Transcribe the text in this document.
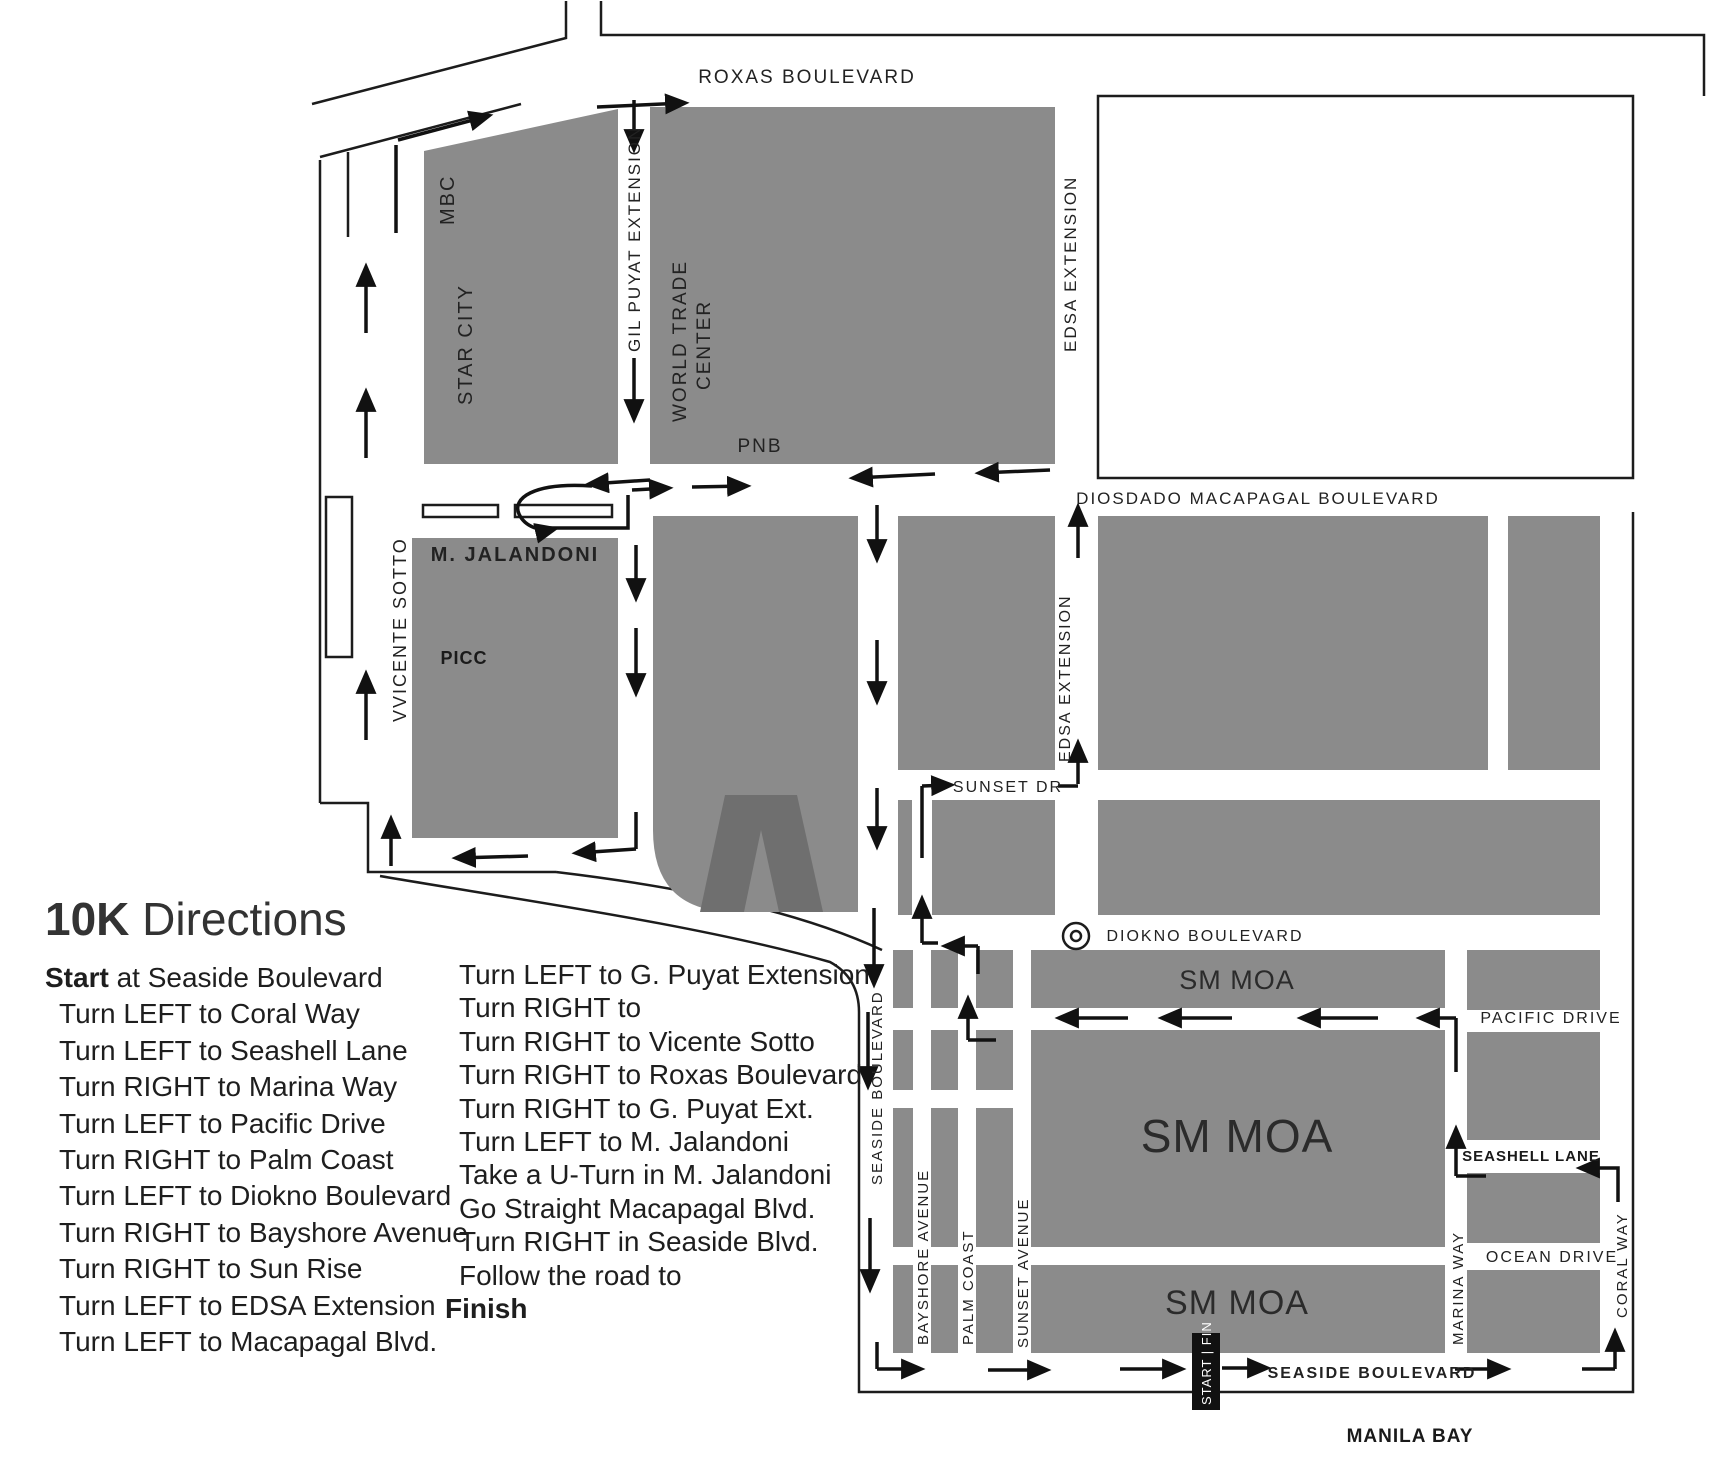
ROXAS BOULEVARD
GIL PUYAT EXTENSION
MBC
STAR CITY	WORLD TRADE CENTER
PNB
EDSA EXTENSION
DIOSDADO MACAPAGAL BOULEVARD
VVICENTE SOTTO M. JALANDONI
PICC
SUNSET DR
EDSA EXTENSION
DIOKNO BOULEVARD
SM MOA
PACIFIC DRIVE
SM MOA	SEASHELL LANE
OCEAN DRIVE
MARINA WAY	CORAL WAY
SEASIDE BOULEVARD
BAYSHORE AVENUE PALM COAST	SUNSET AVENUE	SM MOA
SEASIDE BOULEVARD
MANILA BAY
START | FIN
10K Directions
Start at Seaside Boulevard
Turn LEFT to Coral Way
Turn LEFT to Seashell Lane
Turn RIGHT to Marina Way
Turn LEFT to Pacific Drive
Turn RIGHT to Palm Coast
Turn LEFT to Diokno Boulevard
Turn RIGHT to Bayshore Avenue
Turn RIGHT to Sun Rise
Turn LEFT to EDSA Extension
Turn LEFT to Macapagal Blvd.
Turn LEFT to G. Puyat Extension
Turn RIGHT to
Turn RIGHT to Vicente Sotto
Turn RIGHT to Roxas Boulevard
Turn RIGHT to G. Puyat Ext.
Turn LEFT to M. Jalandoni
Take a U-Turn in M. Jalandoni
Go Straight Macapagal Blvd.
Turn RIGHT in Seaside Blvd.
Follow the road to
Finish
